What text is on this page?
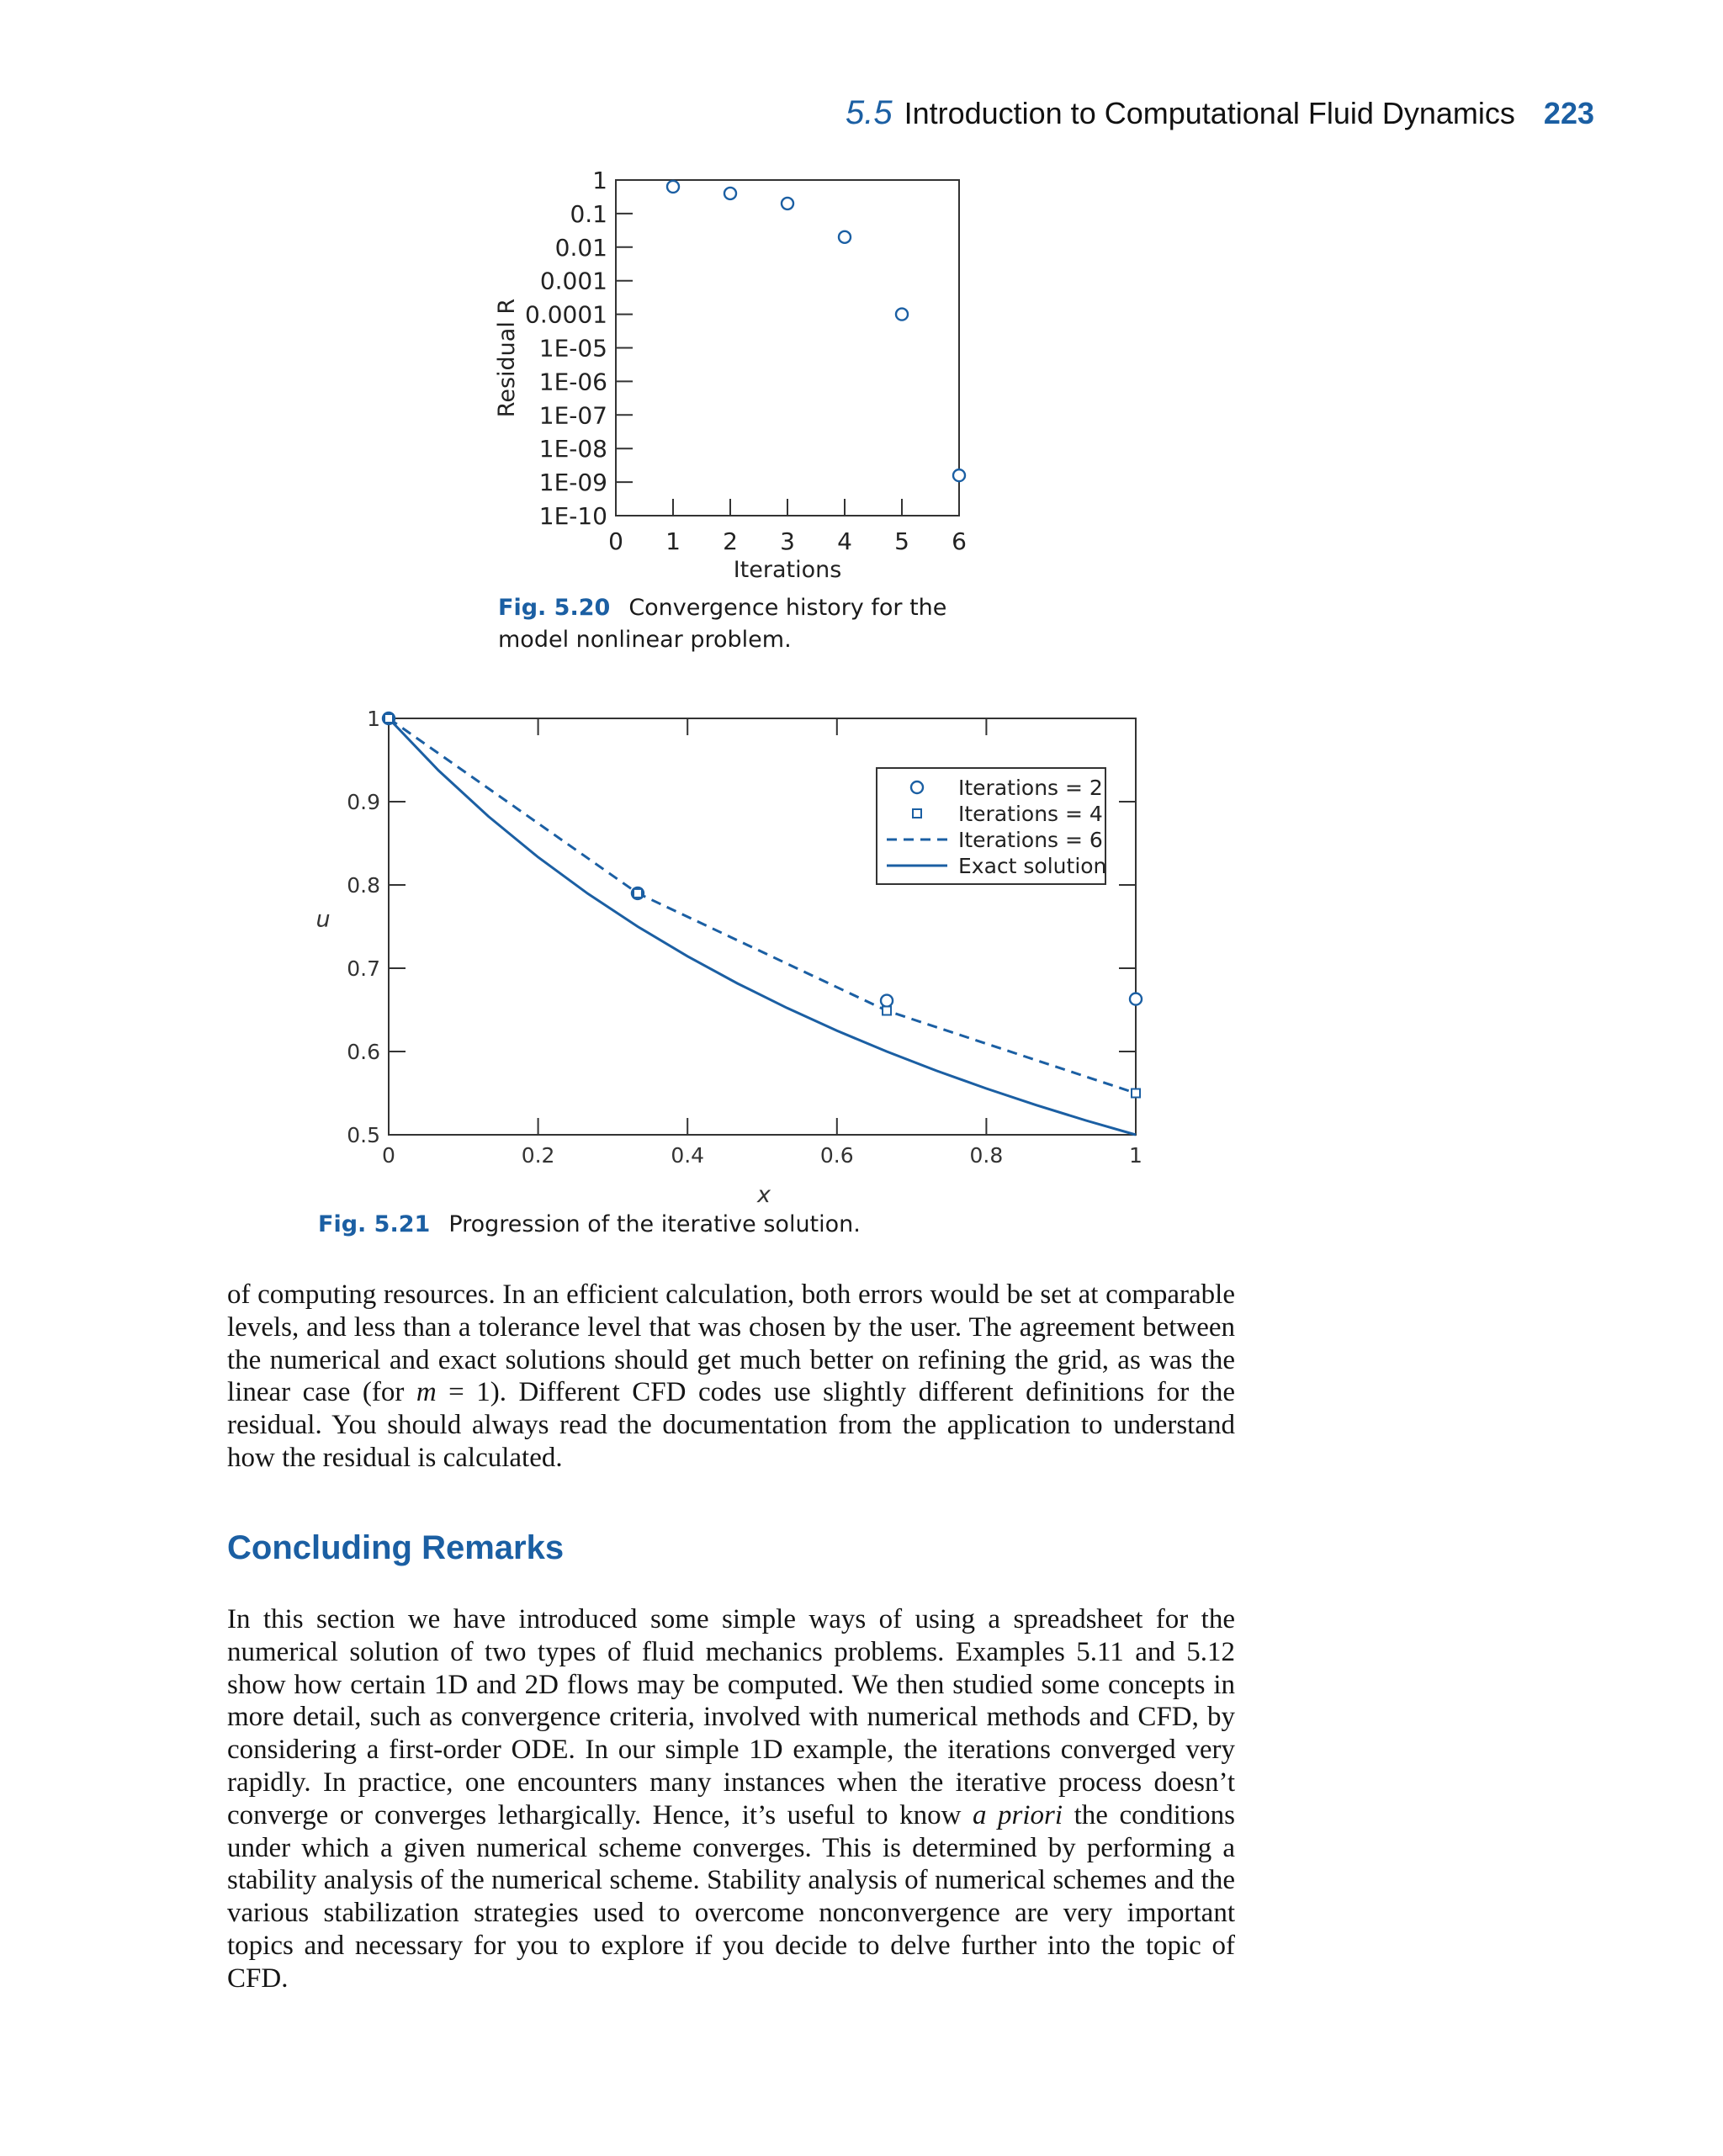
5.5 Introduction to Computational Fluid Dynamics 223
1
0.1
0.01
0.001
0.0001
1E-05
1E-06
1E-07
1E-08
1E-09
1E-10
0 1 2 3 4 5 6
Iterations
Residual R
Fig. 5.20 Convergence history for the model nonlinear problem.
0.5
0.6
0.7
0.8
0.9
1
0	0.2	0.4	0.6	0.8	1
x
u
Iterations = 2
Iterations = 4
Iterations = 6
Exact solution
Fig. 5.21 Progression of the iterative solution.
of computing resources. In an efficient calculation, both errors would be set at comparable levels, and less than a tolerance level that was chosen by the user. The agreement between the numerical and exact solutions should get much better on refining the grid, as was the linear case (for m = 1). Different CFD codes use slightly different definitions for the residual. You should always read the documentation from the application to understand how the residual is calculated.
Concluding Remarks
In this section we have introduced some simple ways of using a spreadsheet for the numerical solution of two types of fluid mechanics problems. Examples 5.11 and 5.12 show how certain 1D and 2D flows may be computed. We then studied some concepts in more detail, such as convergence criteria, involved with numerical methods and CFD, by considering a first-order ODE. In our simple 1D example, the iterations converged very rapidly. In practice, one encounters many instances when the iterative process doesn’t converge or converges lethargically. Hence, it’s useful to know a priori the conditions under which a given numerical scheme converges. This is determined by performing a stability analysis of the numerical scheme. Stability analysis of numerical schemes and the various stabilization strategies used to overcome nonconvergence are very important topics and necessary for you to explore if you decide to delve further into the topic of CFD.
